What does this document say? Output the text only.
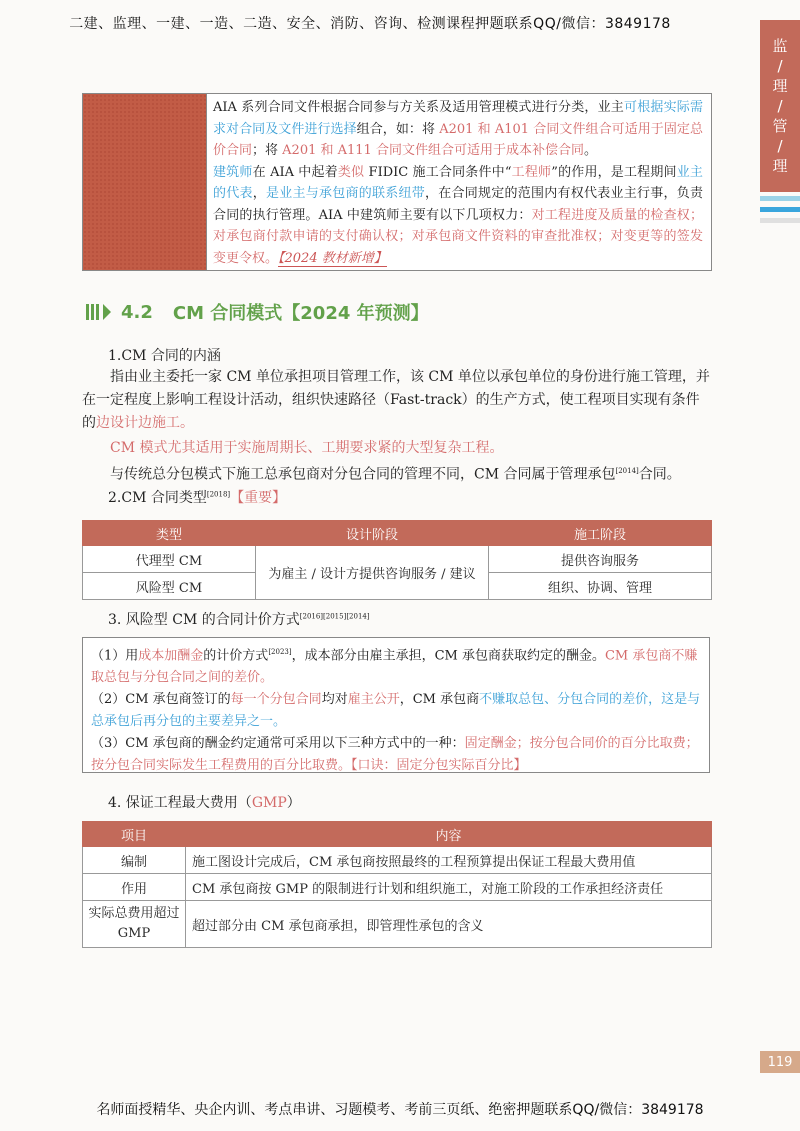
二建、监理、一建、一造、二造、安全、消防、咨询、检测课程押题联系QQ/微信：3849178
监
/
理
/
管
/
理
AIA 系列合同文件根据合同参与方关系及适用管理模式进行分类，业主可根据实际需求对合同及文件进行选择组合，如：将 A201 和 A101 合同文件组合可适用于固定总价合同；将 A201 和 A111 合同文件组合可适用于成本补偿合同。
建筑师在 AIA 中起着类似 FIDIC 施工合同条件中“工程师”的作用，是工程期间业主的代表，是业主与承包商的联系纽带，在合同规定的范围内有权代表业主行事，负责合同的执行管理。AIA 中建筑师主要有以下几项权力：对工程进度及质量的检查权；对承包商付款申请的支付确认权；对承包商文件资料的审查批准权；对变更等的签发变更令权。【2024 教材新增】
4.2 CM 合同模式【2024 年预测】
1.CM 合同的内涵
指由业主委托一家 CM 单位承担项目管理工作，该 CM 单位以承包单位的身份进行施工管理，并在一定程度上影响工程设计活动，组织快速路径（Fast-track）的生产方式，使工程项目实现有条件的边设计边施工。
CM 模式尤其适用于实施周期长、工期要求紧的大型复杂工程。
与传统总分包模式下施工总承包商对分包合同的管理不同，CM 合同属于管理承包[2014]合同。
2.CM 合同类型[2018]【重要】
类型	设计阶段	施工阶段
代理型 CM	为雇主 / 设计方提供咨询服务 / 建议	提供咨询服务
风险型 CM		组织、协调、管理
3. 风险型 CM 的合同计价方式[2016][2015][2014]
（1）用成本加酬金的计价方式[2023]，成本部分由雇主承担，CM 承包商获取约定的酬金。CM 承包商不赚取总包与分包合同之间的差价。
（2）CM 承包商签订的每一个分包合同均对雇主公开，CM 承包商不赚取总包、分包合同的差价，这是与总承包后再分包的主要差异之一。
（3）CM 承包商的酬金约定通常可采用以下三种方式中的一种：固定酬金；按分包合同价的百分比取费；按分包合同实际发生工程费用的百分比取费。【口诀：固定分包实际百分比】
4. 保证工程最大费用（GMP）
项目	内容
编制	施工图设计完成后，CM 承包商按照最终的工程预算提出保证工程最大费用值
作用	CM 承包商按 GMP 的限制进行计划和组织施工，对施工阶段的工作承担经济责任
实际总费用超过 GMP	超过部分由 CM 承包商承担，即管理性承包的含义
119
名师面授精华、央企内训、考点串讲、习题模考、考前三页纸、绝密押题联系QQ/微信：3849178
